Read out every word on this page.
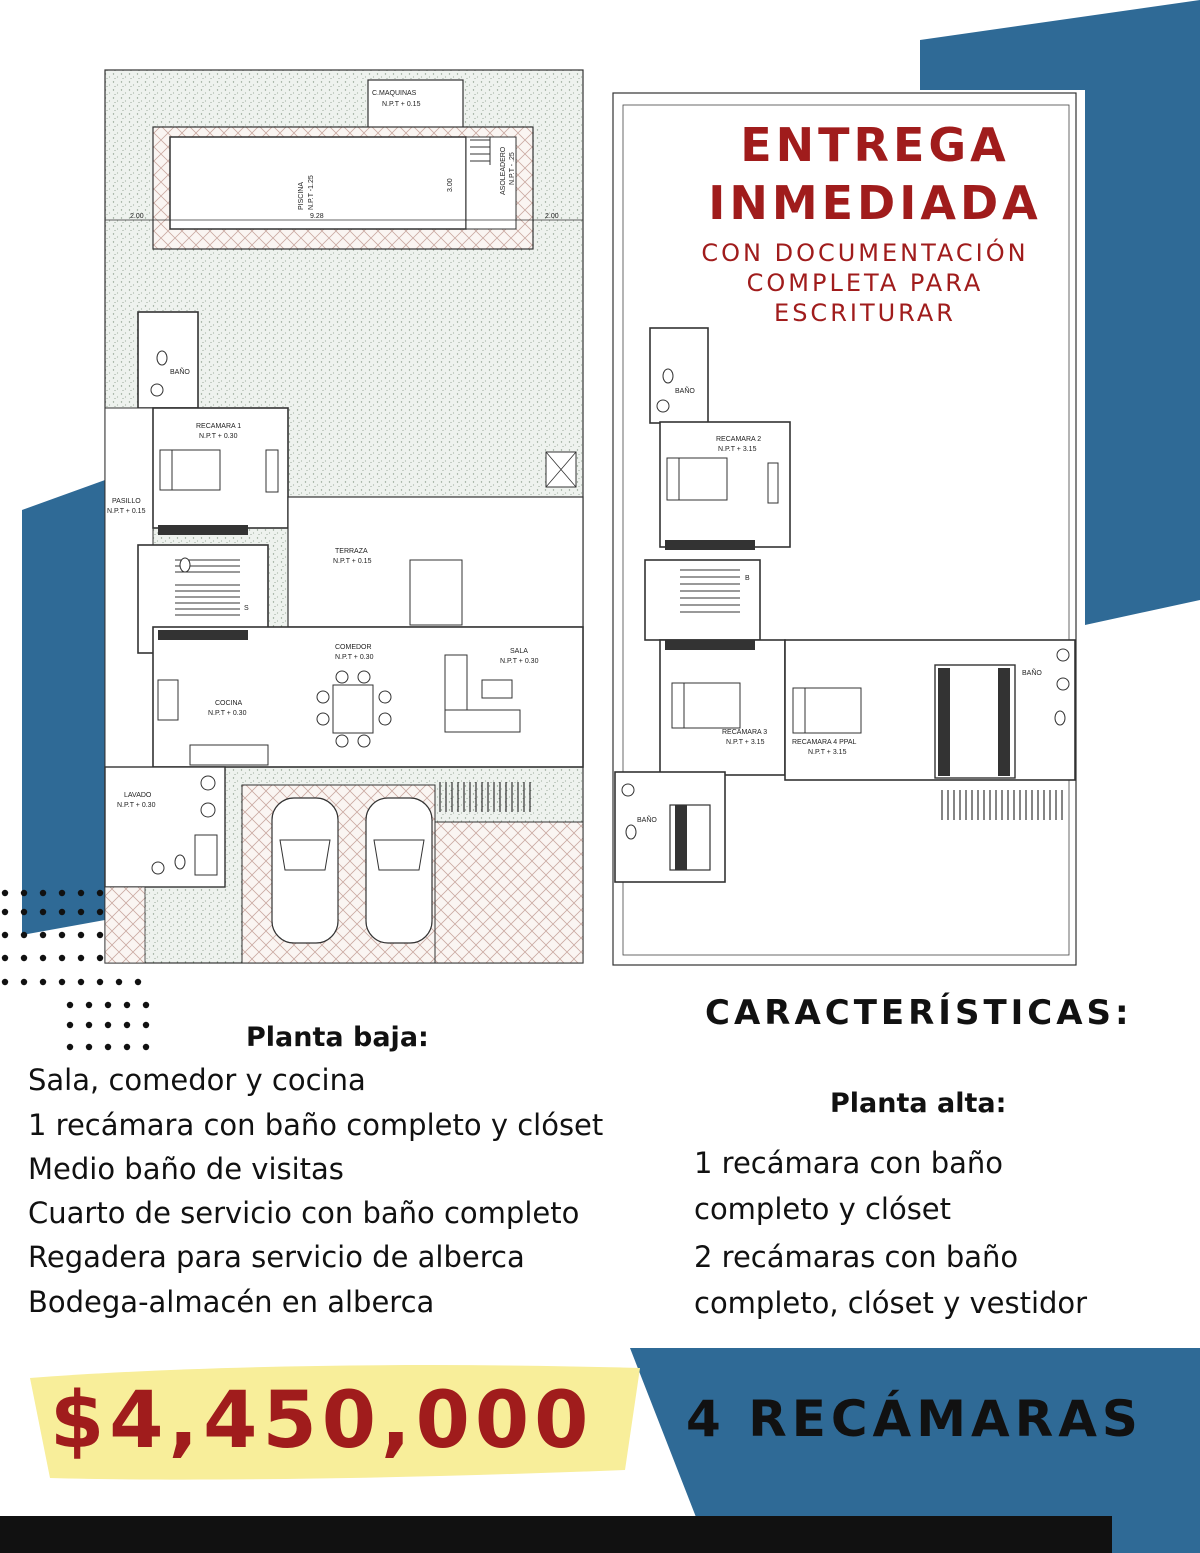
C.MAQUINAS
N.P.T + 0.15
PISCINA N.P.T -1.25	ASOLEADERO N.P.T - .25
3.00
2.00	9.28	2.00
S
BAÑO
RECAMARA 1
N.P.T + 0.30
PASILLO
N.P.T + 0.15
TERRAZA
N.P.T + 0.15
COMEDOR
N.P.T + 0.30
SALA
N.P.T + 0.30
COCINA
N.P.T + 0.30
LAVADO
N.P.T + 0.30
B
BAÑO
RECAMARA 2
N.P.T + 3.15
BAÑO
RECAMARA 3
N.P.T + 3.15	RECAMARA 4 PPAL
N.P.T + 3.15
BAÑO
ENTREGA
INMEDIADA
CON DOCUMENTACIÓN
COMPLETA PARA
ESCRITURAR
CARACTERÍSTICAS:
Planta baja:
Sala, comedor y cocina
1 recámara con baño completo y clóset
Medio baño de visitas
Cuarto de servicio con baño completo
Regadera para servicio de alberca
Bodega-almacén en alberca
Planta alta:
1 recámara con baño
completo y clóset
2 recámaras con baño
completo, clóset y vestidor
$4,450,000 4 RECÁMARAS
